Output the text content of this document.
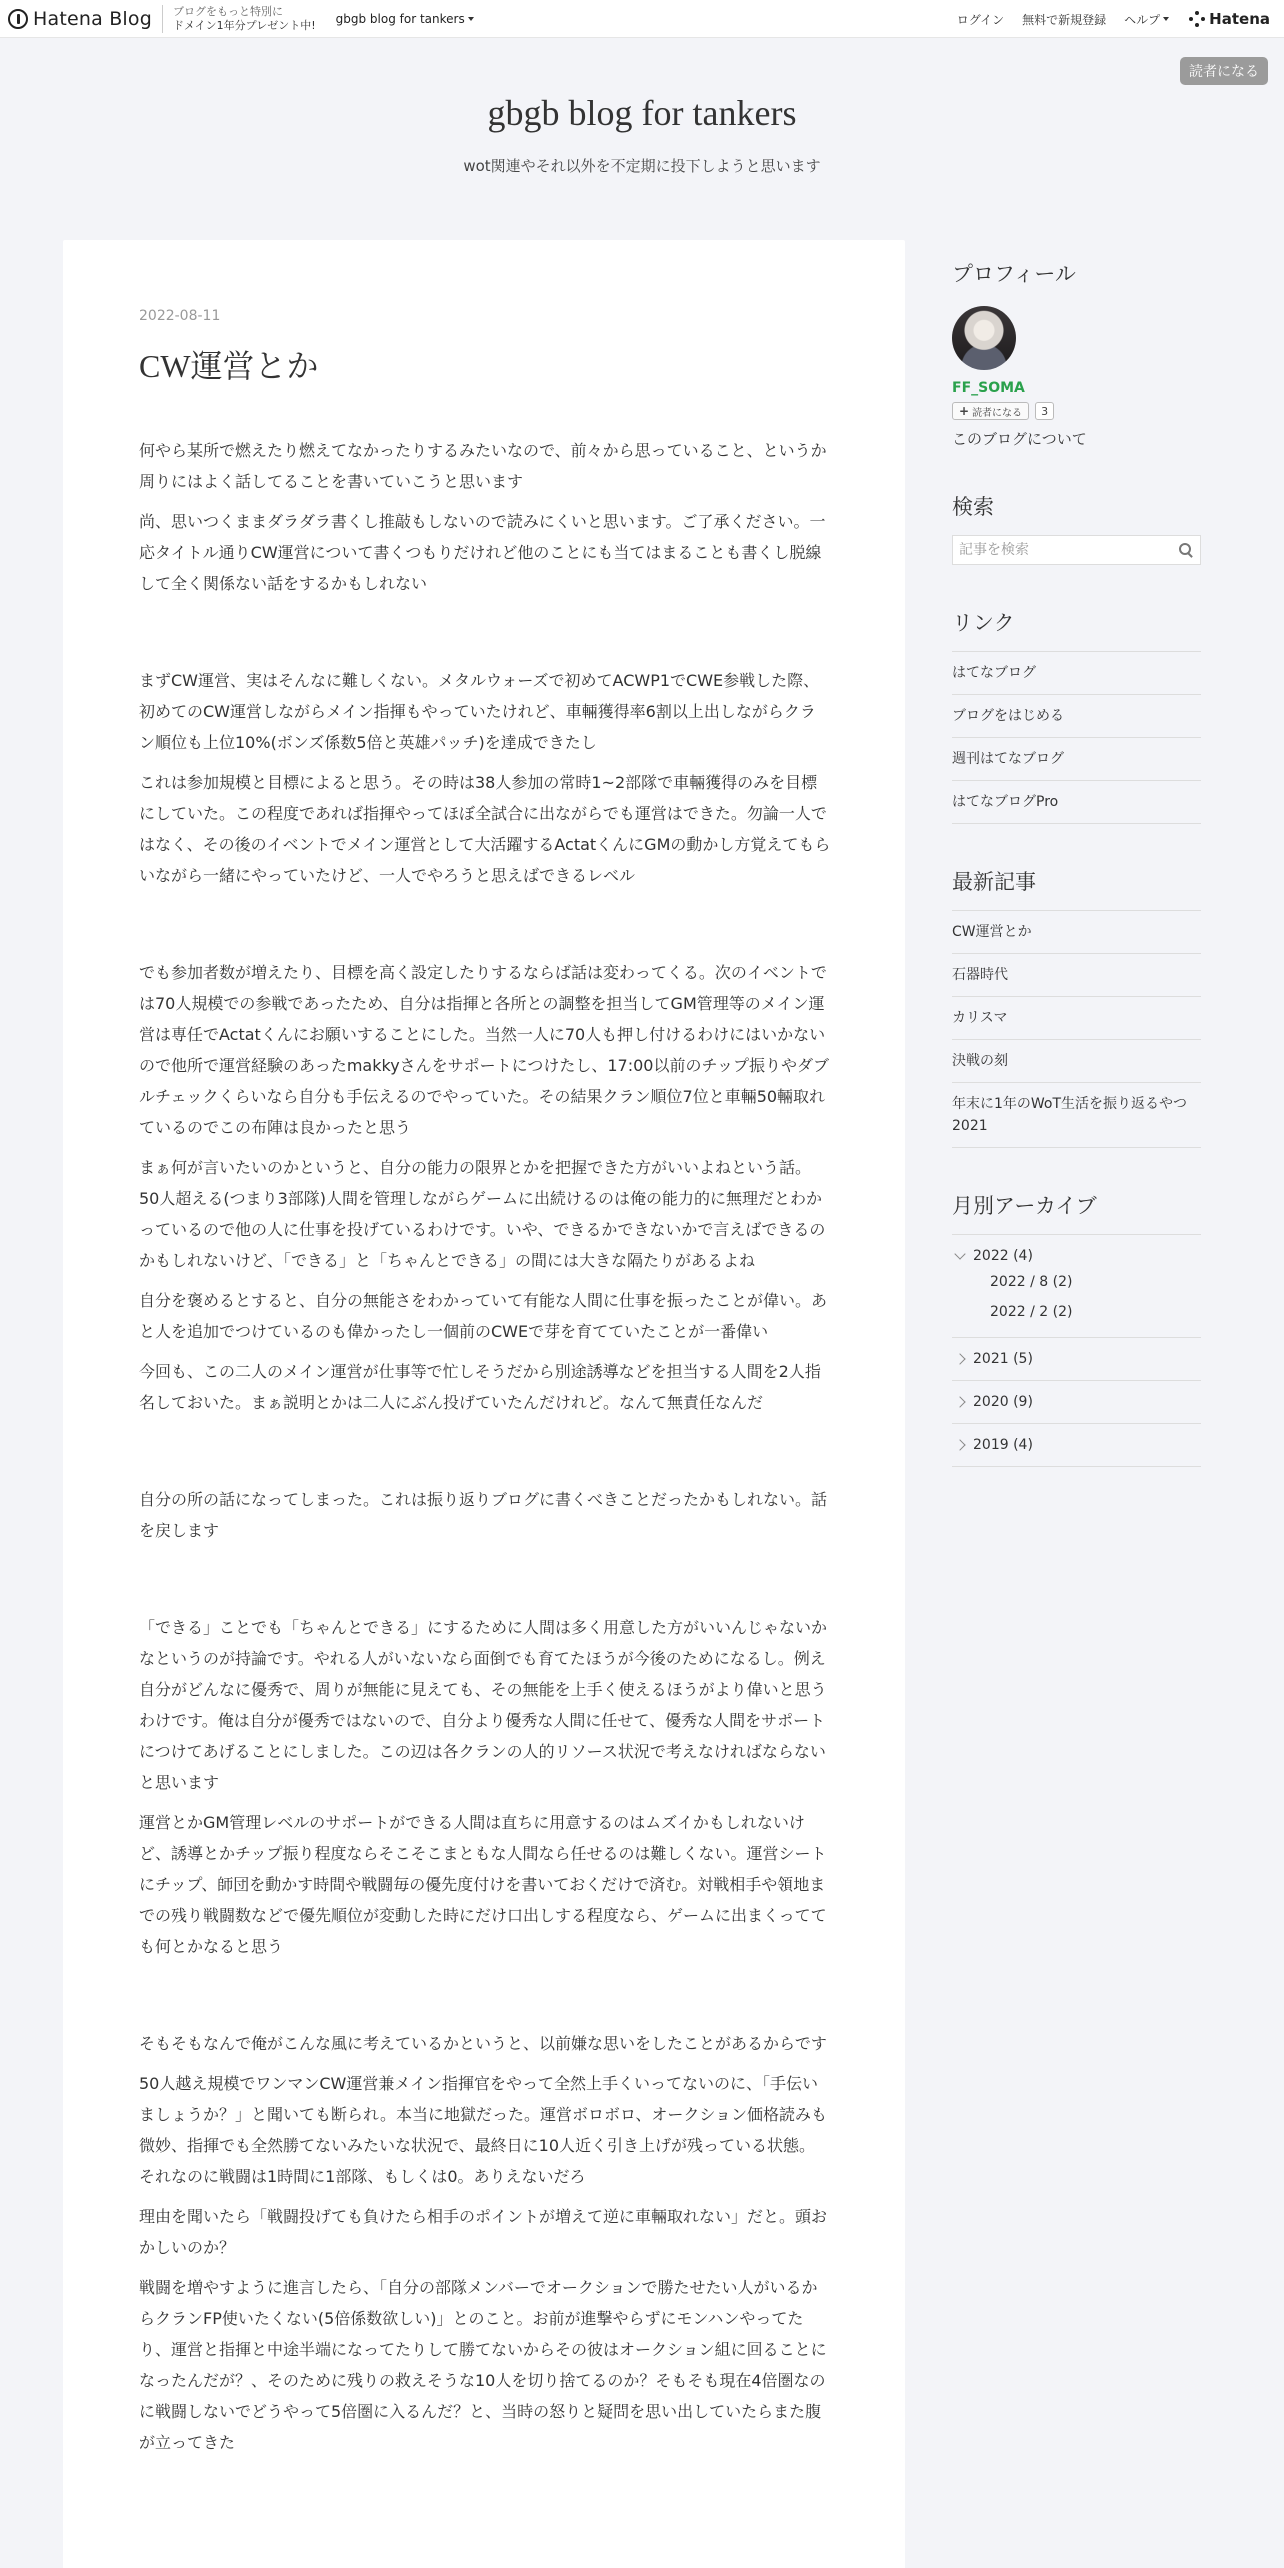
Hatena Blog ブログをもっと特別に
ドメイン1年分プレゼント中! gbgb blog for tankers	ログイン 無料で新規登録 ヘルプ	Hatena
読者になる
gbgb blog for tankers
wot関連やそれ以外を不定期に投下しようと思います
2022-08-11
CW運営とか

何やら某所で燃えたり燃えてなかったりするみたいなので、前々から思っていること、というか周りにはよく話してることを書いていこうと思います

尚、思いつくままダラダラ書くし推敲もしないので読みにくいと思います。ご了承ください。一応タイトル通りCW運営について書くつもりだけれど他のことにも当てはまることも書くし脱線して全く関係ない話をするかもしれない

まずCW運営、実はそんなに難しくない。メタルウォーズで初めてACWP1でCWE参戦した際、初めてのCW運営しながらメイン指揮もやっていたけれど、車輛獲得率6割以上出しながらクラン順位も上位10%(ボンズ係数5倍と英雄パッチ)を達成できたし

これは参加規模と目標によると思う。その時は38人参加の常時1~2部隊で車輛獲得のみを目標にしていた。この程度であれば指揮やってほぼ全試合に出ながらでも運営はできた。勿論一人ではなく、その後のイベントでメイン運営として大活躍するActatくんにGMの動かし方覚えてもらいながら一緒にやっていたけど、一人でやろうと思えばできるレベル

でも参加者数が増えたり、目標を高く設定したりするならば話は変わってくる。次のイベントでは70人規模での参戦であったため、自分は指揮と各所との調整を担当してGM管理等のメイン運営は専任でActatくんにお願いすることにした。当然一人に70人も押し付けるわけにはいかないので他所で運営経験のあったmakkyさんをサポートにつけたし、17:00以前のチップ振りやダブルチェックくらいなら自分も手伝えるのでやっていた。その結果クラン順位7位と車輛50輛取れているのでこの布陣は良かったと思う

まぁ何が言いたいのかというと、自分の能力の限界とかを把握できた方がいいよねという話。50人超える(つまり3部隊)人間を管理しながらゲームに出続けるのは俺の能力的に無理だとわかっているので他の人に仕事を投げているわけです。いや、できるかできないかで言えばできるのかもしれないけど、「できる」と「ちゃんとできる」の間には大きな隔たりがあるよね

自分を褒めるとすると、自分の無能さをわかっていて有能な人間に仕事を振ったことが偉い。あと人を追加でつけているのも偉かったし一個前のCWEで芽を育てていたことが一番偉い

今回も、この二人のメイン運営が仕事等で忙しそうだから別途誘導などを担当する人間を2人指名しておいた。まぁ説明とかは二人にぶん投げていたんだけれど。なんて無責任なんだ

自分の所の話になってしまった。これは振り返りブログに書くべきことだったかもしれない。話を戻します

「できる」ことでも「ちゃんとできる」にするために人間は多く用意した方がいいんじゃないかなというのが持論です。やれる人がいないなら面倒でも育てたほうが今後のためになるし。例え自分がどんなに優秀で、周りが無能に見えても、その無能を上手く使えるほうがより偉いと思うわけです。俺は自分が優秀ではないので、自分より優秀な人間に任せて、優秀な人間をサポートにつけてあげることにしました。この辺は各クランの人的リソース状況で考えなければならないと思います

運営とかGM管理レベルのサポートができる人間は直ちに用意するのはムズイかもしれないけど、誘導とかチップ振り程度ならそこそこまともな人間なら任せるのは難しくない。運営シートにチップ、師団を動かす時間や戦闘毎の優先度付けを書いておくだけで済む。対戦相手や領地までの残り戦闘数などで優先順位が変動した時にだけ口出しする程度なら、ゲームに出まくってても何とかなると思う

そもそもなんで俺がこんな風に考えているかというと、以前嫌な思いをしたことがあるからです

50人越え規模でワンマンCW運営兼メイン指揮官をやって全然上手くいってないのに、「手伝いましょうか？」と聞いても断られ。本当に地獄だった。運営ボロボロ、オークション価格読みも微妙、指揮でも全然勝てないみたいな状況で、最終日に10人近く引き上げが残っている状態。それなのに戦闘は1時間に1部隊、もしくは0。ありえないだろ

理由を聞いたら「戦闘投げても負けたら相手のポイントが増えて逆に車輛取れない」だと。頭おかしいのか？

戦闘を増やすように進言したら、「自分の部隊メンバーでオークションで勝たせたい人がいるからクランFP使いたくない(5倍係数欲しい)」とのこと。お前が進撃やらずにモンハンやってたり、運営と指揮と中途半端になってたりして勝てないからその彼はオークション組に回ることになったんだが？、そのために残りの救えそうな10人を切り捨てるのか？そもそも現在4倍圏なのに戦闘しないでどうやって5倍圏に入るんだ？と、当時の怒りと疑問を思い出していたらまた腹が立ってきた

プロフィール
FF_SOMA
+ 読者になる	3
このブログについて
検索
記事を検索
リンク
はてなブログ
ブログをはじめる
週刊はてなブログ
はてなブログPro
最新記事
CW運営とか
石器時代
カリスマ
決戦の刻
年末に1年のWoT生活を振り返るやつ2021
月別アーカイブ
2022 (4)
2022 / 8 (2)
2022 / 2 (2)
2021 (5)
2020 (9)
2019 (4)
